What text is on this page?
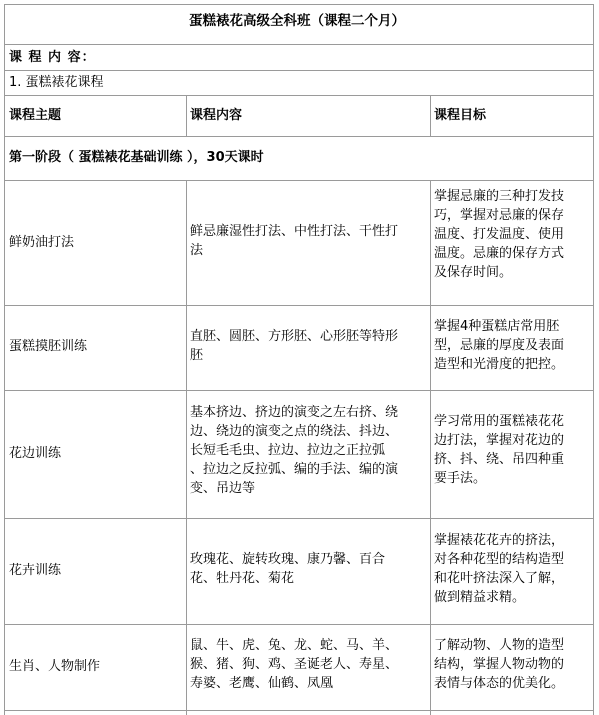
蛋糕裱花高级全科班（课程二个月）
课 程 内 容：
1. 蛋糕裱花课程
课程主题	课程内容	课程目标
第一阶段（ 蛋糕裱花基础训练 ），30天课时
鲜奶油打法
鲜忌廉湿性打法、中性打法、干性打
法
掌握忌廉的三种打发技
巧，掌握对忌廉的保存
温度、打发温度、使用
温度。忌廉的保存方式
及保存时间。
蛋糕摸胚训练
直胚、圆胚、方形胚、心形胚等特形
胚
掌握4种蛋糕店常用胚
型，忌廉的厚度及表面
造型和光滑度的把控。
花边训练
基本挤边、挤边的演变之左右挤、绕
边、绕边的演变之点的绕法、抖边、
长短毛毛虫、拉边、拉边之正拉弧
、拉边之反拉弧、编的手法、编的演
变、吊边等
学习常用的蛋糕裱花花
边打法，掌握对花边的
挤、抖、绕、吊四种重
要手法。
花卉训练
玫瑰花、旋转玫瑰、康乃馨、百合
花、牡丹花、菊花
掌握裱花花卉的挤法，
对各种花型的结构造型
和花叶挤法深入了解，
做到精益求精。
生肖、人物制作
鼠、牛、虎、兔、龙、蛇、马、羊、
猴、猪、狗、鸡、圣诞老人、寿星、
寿婆、老鹰、仙鹤、凤凰
了解动物、人物的造型
结构，掌握人物动物的
表情与体态的优美化。
